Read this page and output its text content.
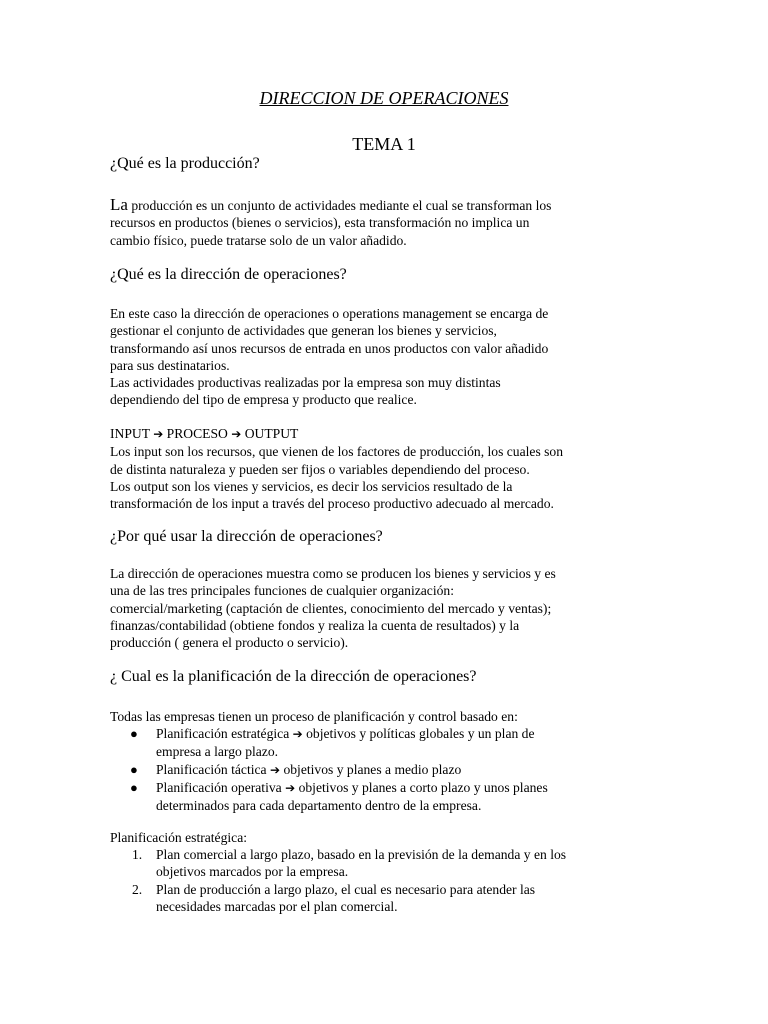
DIRECCION DE OPERACIONES
TEMA 1
¿Qué es la producción?
La producción es un conjunto de actividades mediante el cual se transforman los
recursos en productos (bienes o servicios), esta transformación no implica un
cambio físico, puede tratarse solo de un valor añadido.
¿Qué es la dirección de operaciones?
En este caso la dirección de operaciones o operations management se encarga de
gestionar el conjunto de actividades que generan los bienes y servicios,
transformando así unos recursos de entrada en unos productos con valor añadido
para sus destinatarios.
Las actividades productivas realizadas por la empresa son muy distintas
dependiendo del tipo de empresa y producto que realice.
INPUT ➔ PROCESO ➔ OUTPUT
Los input son los recursos, que vienen de los factores de producción, los cuales son
de distinta naturaleza y pueden ser fijos o variables dependiendo del proceso.
Los output son los vienes y servicios, es decir los servicios resultado de la
transformación de los input a través del proceso productivo adecuado al mercado.
¿Por qué usar la dirección de operaciones?
La dirección de operaciones muestra como se producen los bienes y servicios y es
una de las tres principales funciones de cualquier organización:
comercial/marketing (captación de clientes, conocimiento del mercado y ventas);
finanzas/contabilidad (obtiene fondos y realiza la cuenta de resultados) y la
producción ( genera el producto o servicio).
¿ Cual es la planificación de la dirección de operaciones?
Todas las empresas tienen un proceso de planificación y control basado en:
● Planificación estratégica ➔ objetivos y políticas globales y un plan de
empresa a largo plazo.
● Planificación táctica ➔ objetivos y planes a medio plazo
● Planificación operativa ➔ objetivos y planes a corto plazo y unos planes
determinados para cada departamento dentro de la empresa.
Planificación estratégica:
1. Plan comercial a largo plazo, basado en la previsión de la demanda y en los
objetivos marcados por la empresa.
2. Plan de producción a largo plazo, el cual es necesario para atender las
necesidades marcadas por el plan comercial.
